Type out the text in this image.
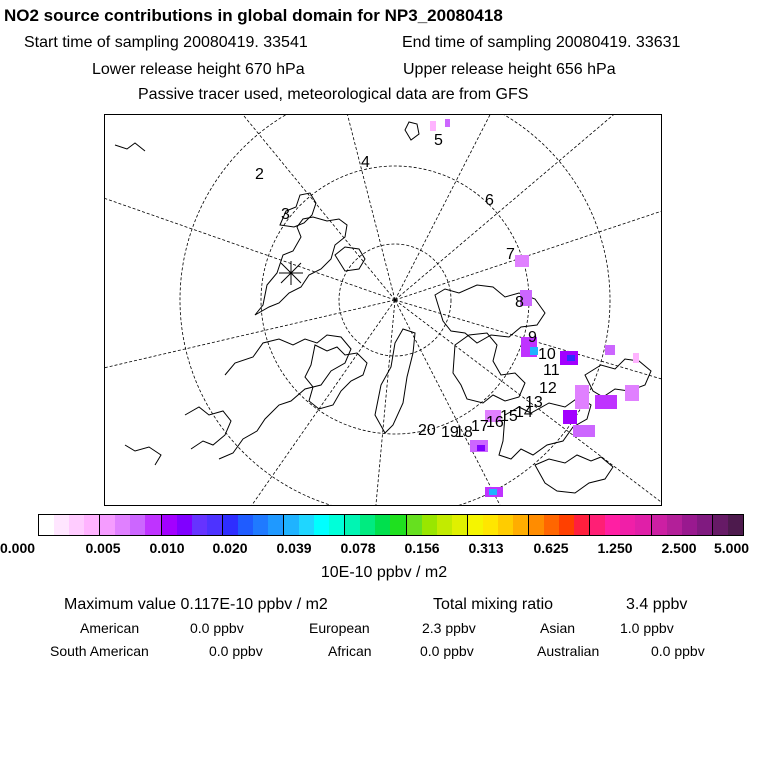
NO2 source contributions in global domain for NP3_20080418
Start time of sampling 20080419. 33541	End time of sampling 20080419. 33631
Lower release height 670 hPa	Upper release height 656 hPa
Passive tracer used, meteorological data are from GFS
2
3
4
5
6
7
8
9
10
11
12
13
14
15
17
16
18
19
20
0.000	0.005 0.010 0.020 0.039 0.078 0.156 0.313 0.625 1.250 2.500 5.000
10E-10 ppbv / m2
Maximum value 0.117E-10 ppbv / m2	Total mixing ratio	3.4 ppbv
American	0.0 ppbv	European	2.3 ppbv	Asian	1.0 ppbv
South American	0.0 ppbv	African	0.0 ppbv	Australian	0.0 ppbv
